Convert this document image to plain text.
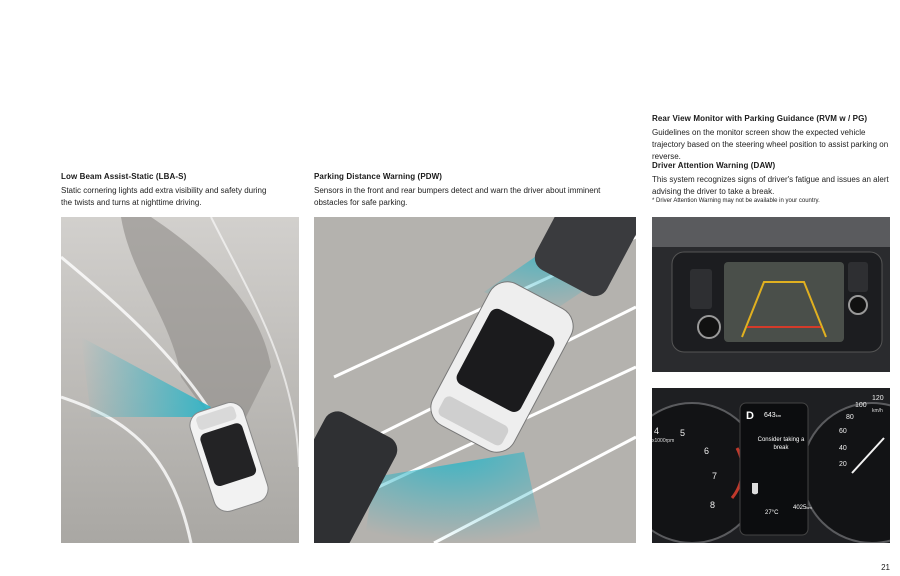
Low Beam Assist-Static (LBA-S)
Static cornering lights add extra visibility and safety during the twists and turns at nighttime driving.
Parking Distance Warning (PDW)
Sensors in the front and rear bumpers detect and warn the driver about imminent obstacles for safe parking.
Rear View Monitor with Parking Guidance (RVM w / PG)
Guidelines on the monitor screen show the expected vehicle trajectory based on the steering wheel position to assist parking on reverse.
Driver Attention Warning (DAW)
This system recognizes signs of driver's fatigue and issues an alert advising the driver to take a break.
* Driver Attention Warning may not be available in your country.
D 643km
Consider taking a break
27°C
4025km
x1000rpm
4 5
6
7
8
120
100
80
60
40
20
km/h
21
